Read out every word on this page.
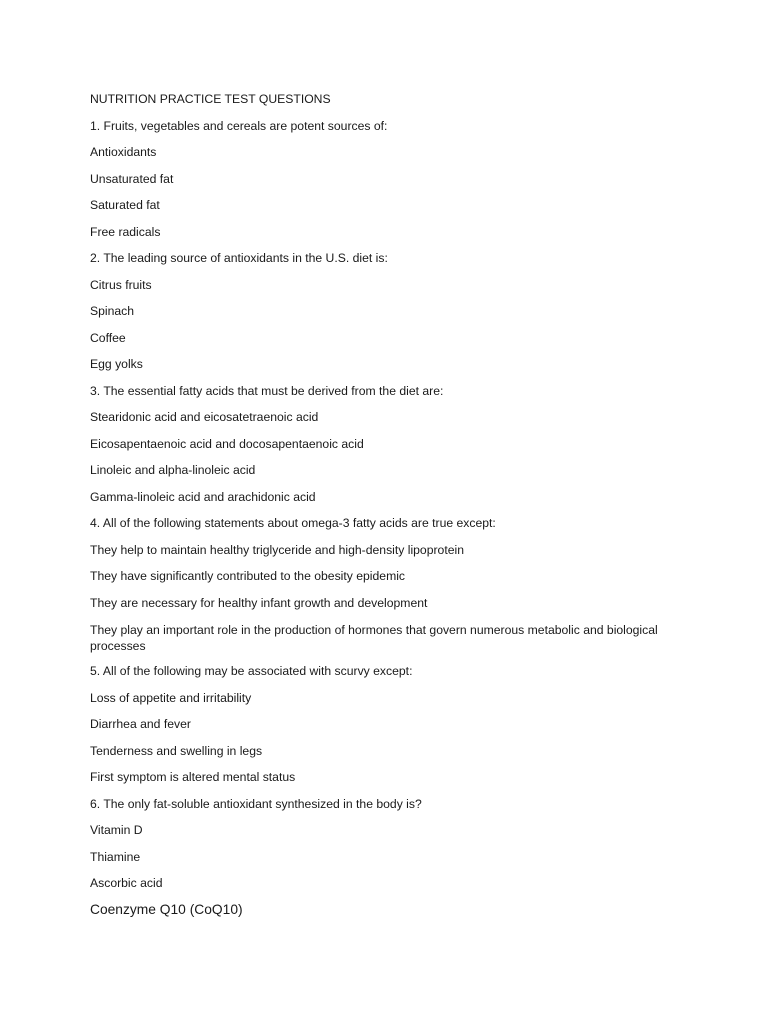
NUTRITION PRACTICE TEST QUESTIONS
1. Fruits, vegetables and cereals are potent sources of:
Antioxidants
Unsaturated fat
Saturated fat
Free radicals
2. The leading source of antioxidants in the U.S. diet is:
Citrus fruits
Spinach
Coffee
Egg yolks
3. The essential fatty acids that must be derived from the diet are:
Stearidonic acid and eicosatetraenoic acid
Eicosapentaenoic acid and docosapentaenoic acid
Linoleic and alpha-linoleic acid
Gamma-linoleic acid and arachidonic acid
4. All of the following statements about omega-3 fatty acids are true except:
They help to maintain healthy triglyceride and high-density lipoprotein
They have significantly contributed to the obesity epidemic
They are necessary for healthy infant growth and development
They play an important role in the production of hormones that govern numerous metabolic and biological processes
5. All of the following may be associated with scurvy except:
Loss of appetite and irritability
Diarrhea and fever
Tenderness and swelling in legs
First symptom is altered mental status
6. The only fat-soluble antioxidant synthesized in the body is?
Vitamin D
Thiamine
Ascorbic acid
Coenzyme Q10 (CoQ10)
